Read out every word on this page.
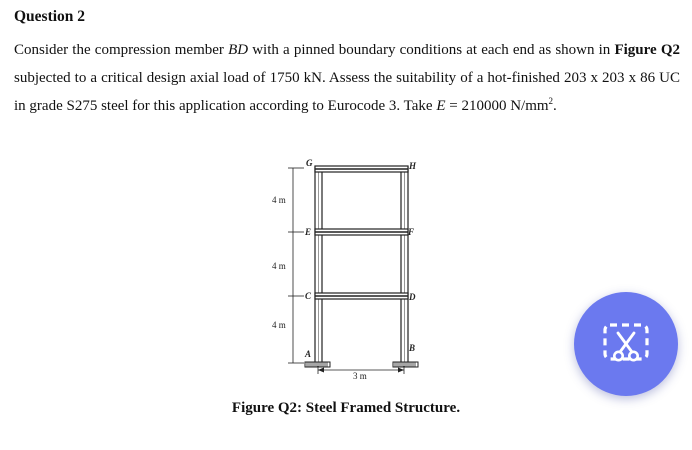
Question 2

Consider the compression member BD with a pinned boundary conditions at each end as shown in Figure Q2 subjected to a critical design axial load of 1750 kN. Assess the suitability of a hot-finished 203 x 203 x 86 UC in grade S275 steel for this application according to Eurocode 3. Take E = 210000 $N/mm^2$.

4 m
4 m
4 m
3 m
G	H
E	F
C	D
A
B

Figure Q2: Steel Framed Structure.
